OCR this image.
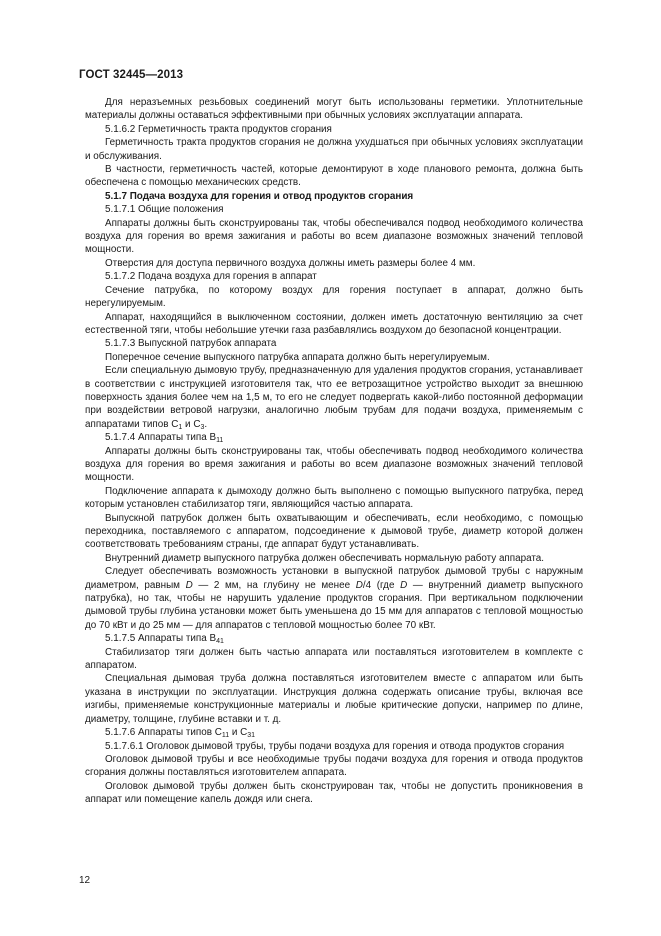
ГОСТ 32445—2013

Для неразъемных резьбовых соединений могут быть использованы герметики. Уплотнительные материалы должны оставаться эффективными при обычных условиях эксплуатации аппарата.

5.1.6.2 Герметичность тракта продуктов сгорания

Герметичность тракта продуктов сгорания не должна ухудшаться при обычных условиях эксплуатации и обслуживания.

В частности, герметичность частей, которые демонтируют в ходе планового ремонта, должна быть обеспечена с помощью механических средств.

5.1.7 Подача воздуха для горения и отвод продуктов сгорания

5.1.7.1 Общие положения

Аппараты должны быть сконструированы так, чтобы обеспечивался подвод необходимого количества воздуха для горения во время зажигания и работы во всем диапазоне возможных значений тепловой мощности.

Отверстия для доступа первичного воздуха должны иметь размеры более 4 мм.

5.1.7.2 Подача воздуха для горения в аппарат

Сечение патрубка, по которому воздух для горения поступает в аппарат, должно быть нерегулируемым.

Аппарат, находящийся в выключенном состоянии, должен иметь достаточную вентиляцию за счет естественной тяги, чтобы небольшие утечки газа разбавлялись воздухом до безопасной концентрации.

5.1.7.3 Выпускной патрубок аппарата

Поперечное сечение выпускного патрубка аппарата должно быть нерегулируемым.

Если специальную дымовую трубу, предназначенную для удаления продуктов сгорания, устанавливает в соответствии с инструкцией изготовителя так, что ее ветрозащитное устройство выходит за внешнюю поверхность здания более чем на 1,5 м, то его не следует подвергать какой-либо постоянной деформации при воздействии ветровой нагрузки, аналогично любым трубам для подачи воздуха, применяемым с аппаратами типов $С_1$ и $С_3$.

5.1.7.4 Аппараты типа $B_{11}$

Аппараты должны быть сконструированы так, чтобы обеспечивать подвод необходимого количества воздуха для горения во время зажигания и работы во всем диапазоне возможных значений тепловой мощности.

Подключение аппарата к дымоходу должно быть выполнено с помощью выпускного патрубка, перед которым установлен стабилизатор тяги, являющийся частью аппарата.

Выпускной патрубок должен быть охватывающим и обеспечивать, если необходимо, с помощью переходника, поставляемого с аппаратом, подсоединение к дымовой трубе, диаметр которой должен соответствовать требованиям страны, где аппарат будут устанавливать.

Внутренний диаметр выпускного патрубка должен обеспечивать нормальную работу аппарата.

Следует обеспечивать возможность установки в выпускной патрубок дымовой трубы с наружным диаметром, равным D — 2 мм, на глубину не менее D/4 (где D — внутренний диаметр выпускного патрубка), но так, чтобы не нарушить удаление продуктов сгорания. При вертикальном подключении дымовой трубы глубина установки может быть уменьшена до 15 мм для аппаратов с тепловой мощностью до 70 кВт и до 25 мм — для аппаратов с тепловой мощностью более 70 кВт.

5.1.7.5 Аппараты типа $B_{41}$

Стабилизатор тяги должен быть частью аппарата или поставляться изготовителем в комплекте с аппаратом.

Специальная дымовая труба должна поставляться изготовителем вместе с аппаратом или быть указана в инструкции по эксплуатации. Инструкция должна содержать описание трубы, включая все изгибы, применяемые конструкционные материалы и любые критические допуски, например по длине, диаметру, толщине, глубине вставки и т. д.

5.1.7.6 Аппараты типов $С_{11}$ и $С_{31}$

5.1.7.6.1 Оголовок дымовой трубы, трубы подачи воздуха для горения и отвода продуктов сгорания

Оголовок дымовой трубы и все необходимые трубы подачи воздуха для горения и отвода продуктов сгорания должны поставляться изготовителем аппарата.

Оголовок дымовой трубы должен быть сконструирован так, чтобы не допустить проникновения в аппарат или помещение капель дождя или снега.

12
